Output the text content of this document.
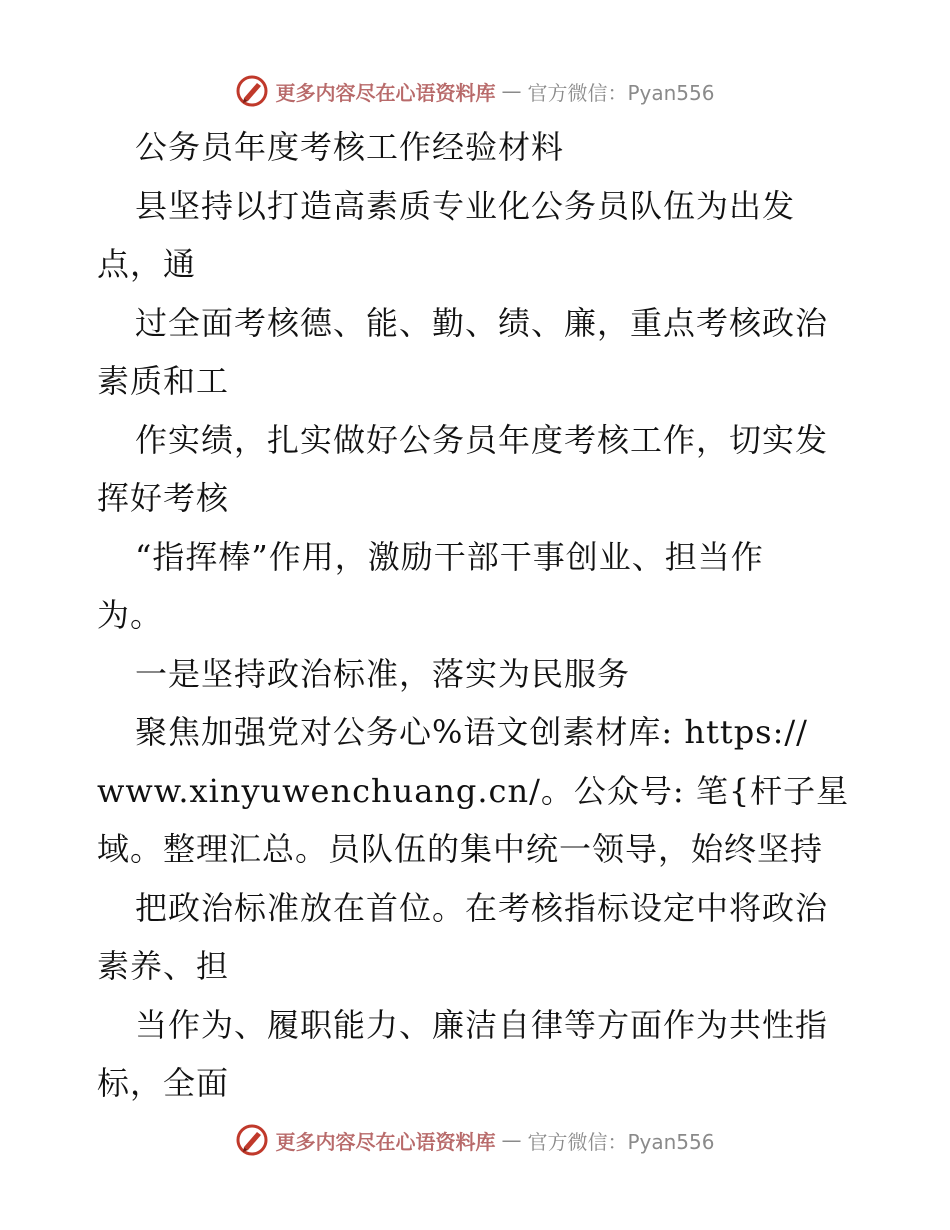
更多内容尽在心语资料库 — 官方微信：Pyan556
公务员年度考核工作经验材料
县坚持以打造高素质专业化公务员队伍为出发
点，通
过全面考核德、能、勤、绩、廉，重点考核政治
素质和工
作实绩，扎实做好公务员年度考核工作，切实发
挥好考核
“指挥棒”作用，激励干部干事创业、担当作
为。
一是坚持政治标准，落实为民服务
聚焦加强党对公务心%语文创素材库: https://
www.xinyuwenchuang.cn/。公众号: 笔{杆子星
域。整理汇总。员队伍的集中统一领导，始终坚持
把政治标准放在首位。在考核指标设定中将政治
素养、担
当作为、履职能力、廉洁自律等方面作为共性指
标，全面
更多内容尽在心语资料库 — 官方微信：Pyan556
